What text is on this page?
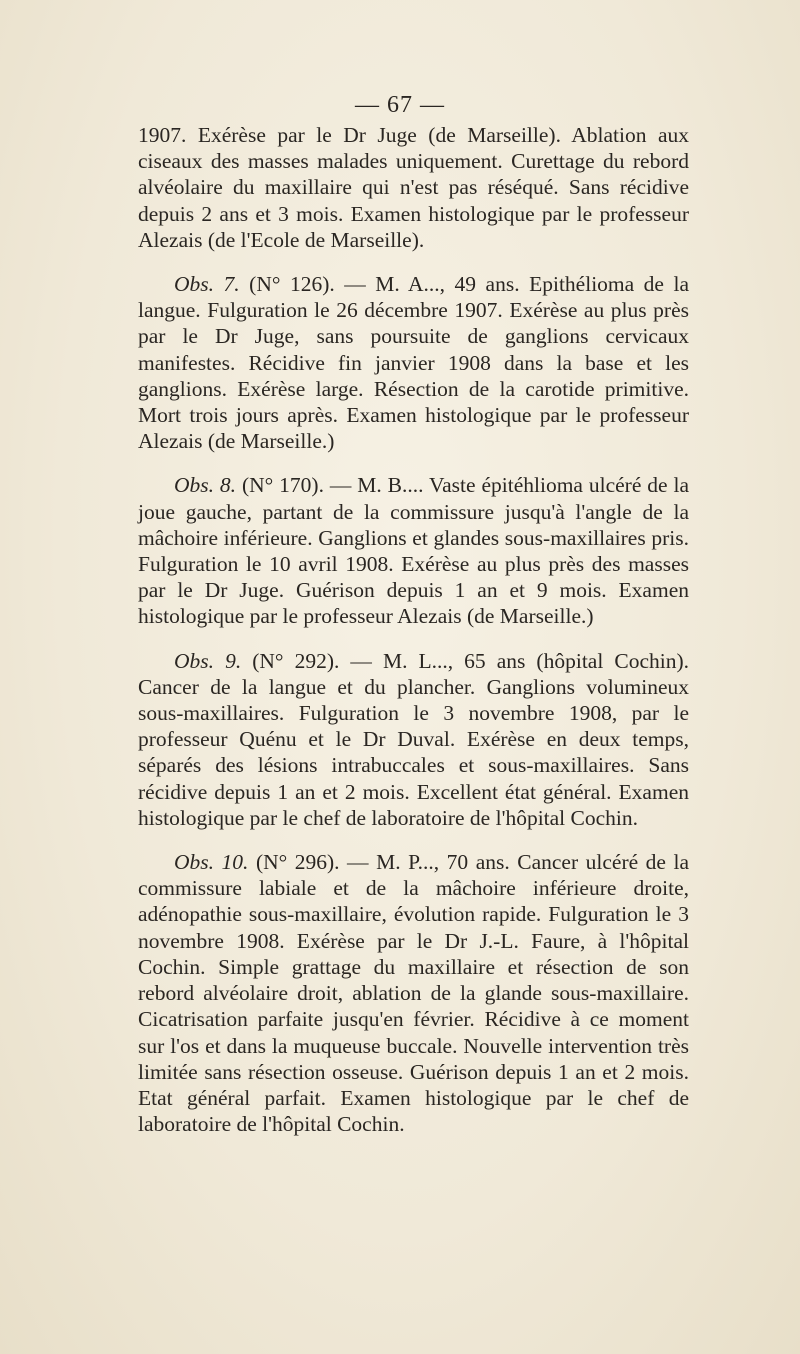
— 67 —

1907. Exérèse par le Dr Juge (de Marseille). Ablation aux ciseaux des masses malades uniquement. Curettage du rebord alvéolaire du maxillaire qui n'est pas réséqué. Sans récidive depuis 2 ans et 3 mois. Examen histologique par le professeur Alezais (de l'Ecole de Marseille).

Obs. 7. (N° 126). — M. A..., 49 ans. Epithélioma de la langue. Fulguration le 26 décembre 1907. Exérèse au plus près par le Dr Juge, sans poursuite de ganglions cervicaux manifestes. Récidive fin janvier 1908 dans la base et les ganglions. Exérèse large. Résection de la carotide primitive. Mort trois jours après. Examen histologique par le professeur Alezais (de Marseille.)

Obs. 8. (N° 170). — M. B.... Vaste épitéhlioma ulcéré de la joue gauche, partant de la commissure jusqu'à l'angle de la mâchoire inférieure. Ganglions et glandes sous-maxillaires pris. Fulguration le 10 avril 1908. Exérèse au plus près des masses par le Dr Juge. Guérison depuis 1 an et 9 mois. Examen histologique par le professeur Alezais (de Marseille.)

Obs. 9. (N° 292). — M. L..., 65 ans (hôpital Cochin). Cancer de la langue et du plancher. Ganglions volumineux sous-maxillaires. Fulguration le 3 novembre 1908, par le professeur Quénu et le Dr Duval. Exérèse en deux temps, séparés des lésions intrabuccales et sous-maxillaires. Sans récidive depuis 1 an et 2 mois. Excellent état général. Examen histologique par le chef de laboratoire de l'hôpital Cochin.

Obs. 10. (N° 296). — M. P..., 70 ans. Cancer ulcéré de la commissure labiale et de la mâchoire inférieure droite, adénopathie sous-maxillaire, évolution rapide. Fulguration le 3 novembre 1908. Exérèse par le Dr J.-L. Faure, à l'hôpital Cochin. Simple grattage du maxillaire et résection de son rebord alvéolaire droit, ablation de la glande sous-maxillaire. Cicatrisation parfaite jusqu'en février. Récidive à ce moment sur l'os et dans la muqueuse buccale. Nouvelle intervention très limitée sans résection osseuse. Guérison depuis 1 an et 2 mois. Etat général parfait. Examen histologique par le chef de laboratoire de l'hôpital Cochin.
